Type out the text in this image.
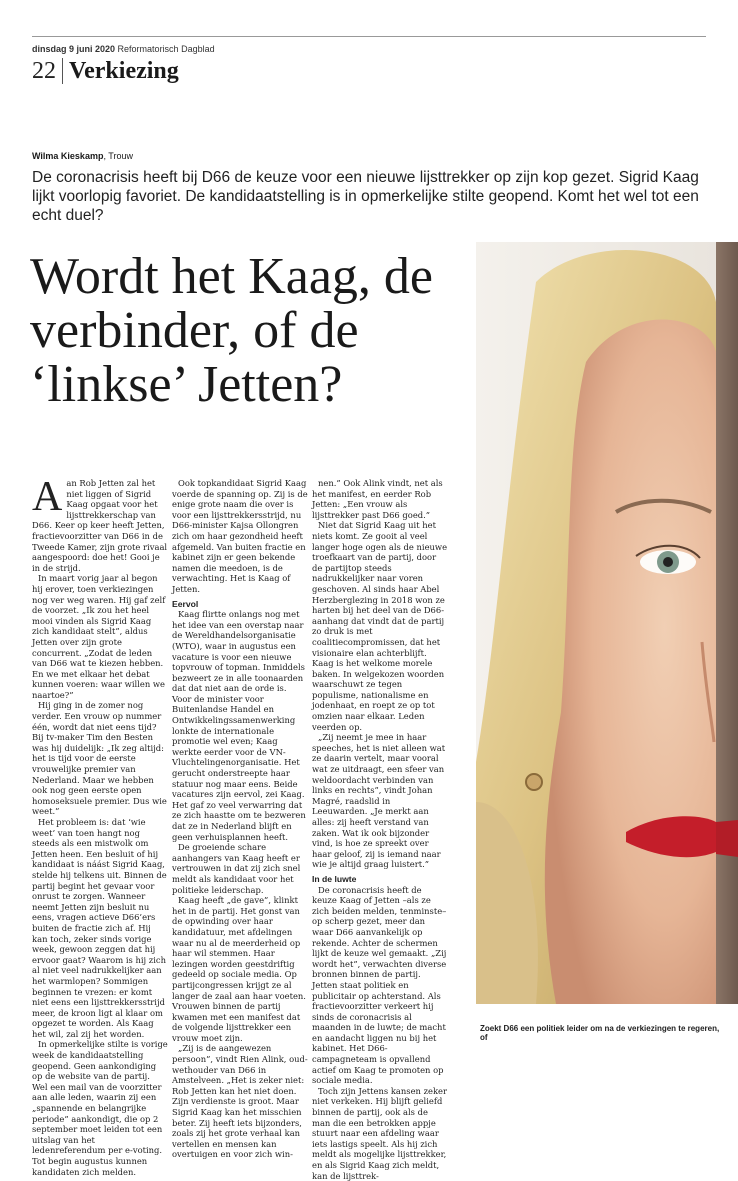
dinsdag 9 juni 2020 Reformatorisch Dagblad
22 Verkiezing
Wilma Kieskamp, Trouw
De coronacrisis heeft bij D66 de keuze voor een nieuwe lijsttrekker op zijn kop gezet. Sigrid Kaag lijkt voorlopig favoriet. De kandidaatstelling is in opmerkelijke stilte geopend. Komt het wel tot een echt duel?
Wordt het Kaag, de verbinder, of de ‘linkse’ Jetten?
Zoekt D66 een politiek leider om na de verkiezingen te regeren, of

Aan Rob Jetten zal het niet liggen of Sigrid Kaag opgaat voor het lijsttrekkerschap van D66. Keer op keer heeft Jetten, fractievoorzitter van D66 in de Tweede Kamer, zijn grote rivaal aangespoord: doe het! Gooi je in de strijd.

In maart vorig jaar al begon hij erover, toen verkiezingen nog ver weg waren. Hij gaf zelf de voorzet. „Ik zou het heel mooi vinden als Sigrid Kaag zich kandidaat stelt”, aldus Jetten over zijn grote concurrent. „Zodat de leden van D66 wat te kiezen hebben. En we met elkaar het debat kunnen voeren: waar willen we naartoe?”

Hij ging in de zomer nog verder. Een vrouw op nummer één, wordt dat niet eens tijd? Bij tv-maker Tim den Besten was hij duidelijk: „Ik zeg altijd: het is tijd voor de eerste vrouwelijke premier van Nederland. Maar we hebben ook nog geen eerste open homoseksuele premier. Dus wie weet.”

Het probleem is: dat ‘wie weet’ van toen hangt nog steeds als een mistwolk om Jetten heen. Een besluit of hij kandidaat is náást Sigrid Kaag, stelde hij telkens uit. Binnen de partij begint het gevaar voor onrust te zorgen. Wanneer neemt Jetten zijn besluit nu eens, vragen actieve D66’ers buiten de fractie zich af. Hij kan toch, zeker sinds vorige week, gewoon zeggen dat hij ervoor gaat? Waarom is hij zich al niet veel nadrukkelijker aan het warmlopen? Sommigen beginnen te vrezen: er komt niet eens een lijsttrekkersstrijd meer, de kroon ligt al klaar om opgezet te worden. Als Kaag het wil, zal zij het worden.

In opmerkelijke stilte is vorige week de kandidaatstelling geopend. Geen aankondiging op de website van de partij. Wel een mail van de voorzitter aan alle leden, waarin zij een „spannende en belangrijke periode” aankondigt, die op 2 september moet leiden tot een uitslag van het ledenreferendum per e-voting. Tot begin augustus kunnen kandidaten zich melden.

Ook topkandidaat Sigrid Kaag voerde de spanning op. Zij is de enige grote naam die over is voor een lijsttrekkersstrijd, nu D66-minister Kajsa Ollongren zich om haar gezondheid heeft afgemeld. Van buiten fractie en kabinet zijn er geen bekende namen die meedoen, is de verwachting. Het is Kaag of Jetten.

Eervol

Kaag flirtte onlangs nog met het idee van een overstap naar de Wereldhandelsorganisatie (WTO), waar in augustus een vacature is voor een nieuwe topvrouw of topman. Inmiddels bezweert ze in alle toonaarden dat dat niet aan de orde is. Voor de minister voor Buitenlandse Handel en Ontwikkelingssamenwerking lonkte de internationale promotie wel even; Kaag werkte eerder voor de VN-Vluchtelingenorganisatie. Het gerucht onderstreepte haar statuur nog maar eens. Beide vacatures zijn eervol, zei Kaag. Het gaf zo veel verwarring dat ze zich haastte om te bezweren dat ze in Nederland blijft en geen verhuisplannen heeft.

De groeiende schare aanhangers van Kaag heeft er vertrouwen in dat zij zich snel meldt als kandidaat voor het politieke leiderschap.

Kaag heeft „de gave”, klinkt het in de partij. Het gonst van de opwinding over haar kandidatuur, met afdelingen waar nu al de meerderheid op haar wil stemmen. Haar lezingen worden geestdriftig gedeeld op sociale media. Op partijcongressen krijgt ze al langer de zaal aan haar voeten. Vrouwen binnen de partij kwamen met een manifest dat de volgende lijsttrekker een vrouw moet zijn.

„Zij is de aangewezen persoon”, vindt Rien Alink, oud-wethouder van D66 in Amstelveen. „Het is zeker niet: Rob Jetten kan het niet doen. Zijn verdienste is groot. Maar Sigrid Kaag kan het misschien beter. Zij heeft iets bijzonders, zoals zij het grote verhaal kan vertellen en mensen kan overtuigen en voor zich win-

nen.” Ook Alink vindt, net als het manifest, en eerder Rob Jetten: „Een vrouw als lijsttrekker past D66 goed.”

Niet dat Sigrid Kaag uit het niets komt. Ze gooit al veel langer hoge ogen als de nieuwe troefkaart van de partij, door de partijtop steeds nadrukkelijker naar voren geschoven. Al sinds haar Abel Herzberglezing in 2018 won ze harten bij het deel van de D66-aanhang dat vindt dat de partij zo druk is met coalitiecompromissen, dat het visionaire elan achterblijft. Kaag is het welkome morele baken. In welgekozen woorden waarschuwt ze tegen populisme, nationalisme en jodenhaat, en roept ze op tot omzien naar elkaar. Leden veerden op.

„Zij neemt je mee in haar speeches, het is niet alleen wat ze daarin vertelt, maar vooral wat ze uitdraagt, een sfeer van weldoordacht verbinden van links en rechts”, vindt Johan Magré, raadslid in Leeuwarden. „Je merkt aan alles: zij heeft verstand van zaken. Wat ik ook bijzonder vind, is hoe ze spreekt over haar geloof, zij is iemand naar wie je altijd graag luistert.”

In de luwte

De coronacrisis heeft de keuze Kaag of Jetten –als ze zich beiden melden, tenminste– op scherp gezet, meer dan waar D66 aanvankelijk op rekende. Achter de schermen lijkt de keuze wel gemaakt. „Zij wordt het”, verwachten diverse bronnen binnen de partij. Jetten staat politiek en publicitair op achterstand. Als fractievoorzitter verkeert hij sinds de coronacrisis al maanden in de luwte; de macht en aandacht liggen nu bij het kabinet. Het D66-campagneteam is opvallend actief om Kaag te promoten op sociale media.

Toch zijn Jettens kansen zeker niet verkeken. Hij blijft geliefd binnen de partij, ook als de man die een betrokken appje stuurt naar een afdeling waar iets lastigs speelt. Als hij zich meldt als mogelijke lijsttrekker, en als Sigrid Kaag zich meldt, kan de lijsttrek-
